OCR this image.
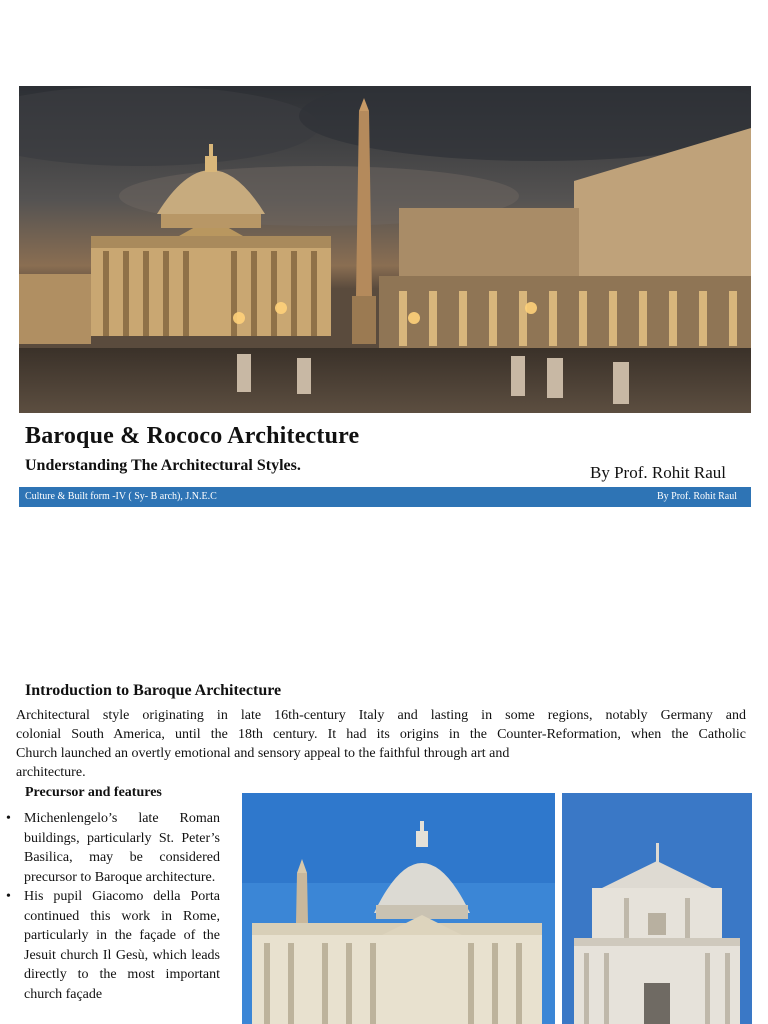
Baroque & Rococo Architecture
Understanding The Architectural Styles.	By Prof. Rohit Raul
Culture & Built form -IV ( Sy- B arch), J.N.E.C	By Prof. Rohit Raul
Introduction to Baroque Architecture
Architectural style originating in late 16th-century Italy and lasting in some regions, notably Germany and
colonial South America, until the 18th century. It had its origins in the Counter-Reformation, when the Catholic
Church launched an overtly emotional and sensory appeal to the faithful through art and
architecture.
Precursor and features
• Michenlengelo’s late Roman buildings, particularly St. Peter’s Basilica, may be considered precursor to Baroque architecture.
• His pupil Giacomo della Porta continued this work in Rome, particularly in the façade of the Jesuit church Il Gesù, which leads directly to the most important church façade
